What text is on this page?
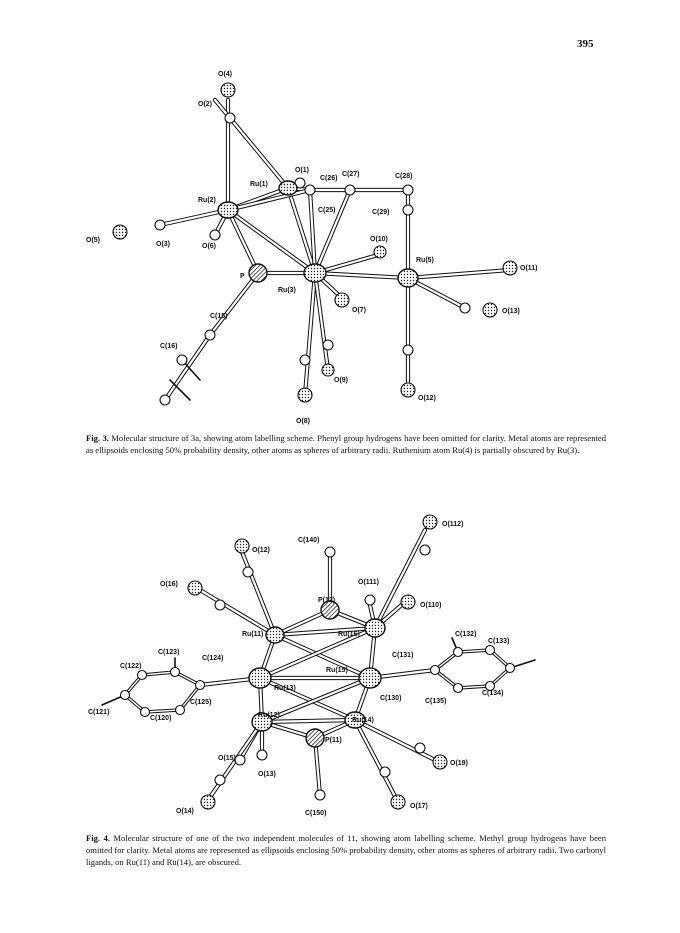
395
O(4)
O(2)
O(1)
Ru(1)
C(26)
C(27)	C(28)
Ru(2)
C(25)	C(29)
O(5)
O(3)	O(6)
O(10)
P
Ru(3)
Ru(5)
O(11)
O(7)	O(13)
C(15)
C(16)
O(9)
O(12)
O(8)
Fig. 3. Molecular structure of 3a, showing atom labelling scheme. Phenyl group hydrogens have been omitted for clarity. Metal atoms are represented as ellipsoids enclosing 50% probability density, other atoms as spheres of arbitrary radii. Ruthenium atom Ru(4) is partially obscured by Ru(3).
O(112)
C(140)
O(12)
O(111)
O(16)
P(12)
O(110)
Ru(11)	Ru(16)	C(132)
C(133)
C(123)
C(124)	C(131)
C(122)
Ru(15)
C(134)
Ru(13)
C(130)	C(135)
C(125)
C(121)
C(120)	Ru(12)
Ru(14)
P(11)
O(15)
O(19)
O(13)
O(14)	C(150)
O(17)
Fig. 4. Molecular structure of one of the two independent molecules of 11, showing atom labelling scheme. Methyl group hydrogens have been omitted for clarity. Metal atoms are represented as ellipsoids enclosing 50% probability density, other atoms as spheres of arbitrary radii. Two carbonyl ligands, on Ru(11) and Ru(14), are obscured.
